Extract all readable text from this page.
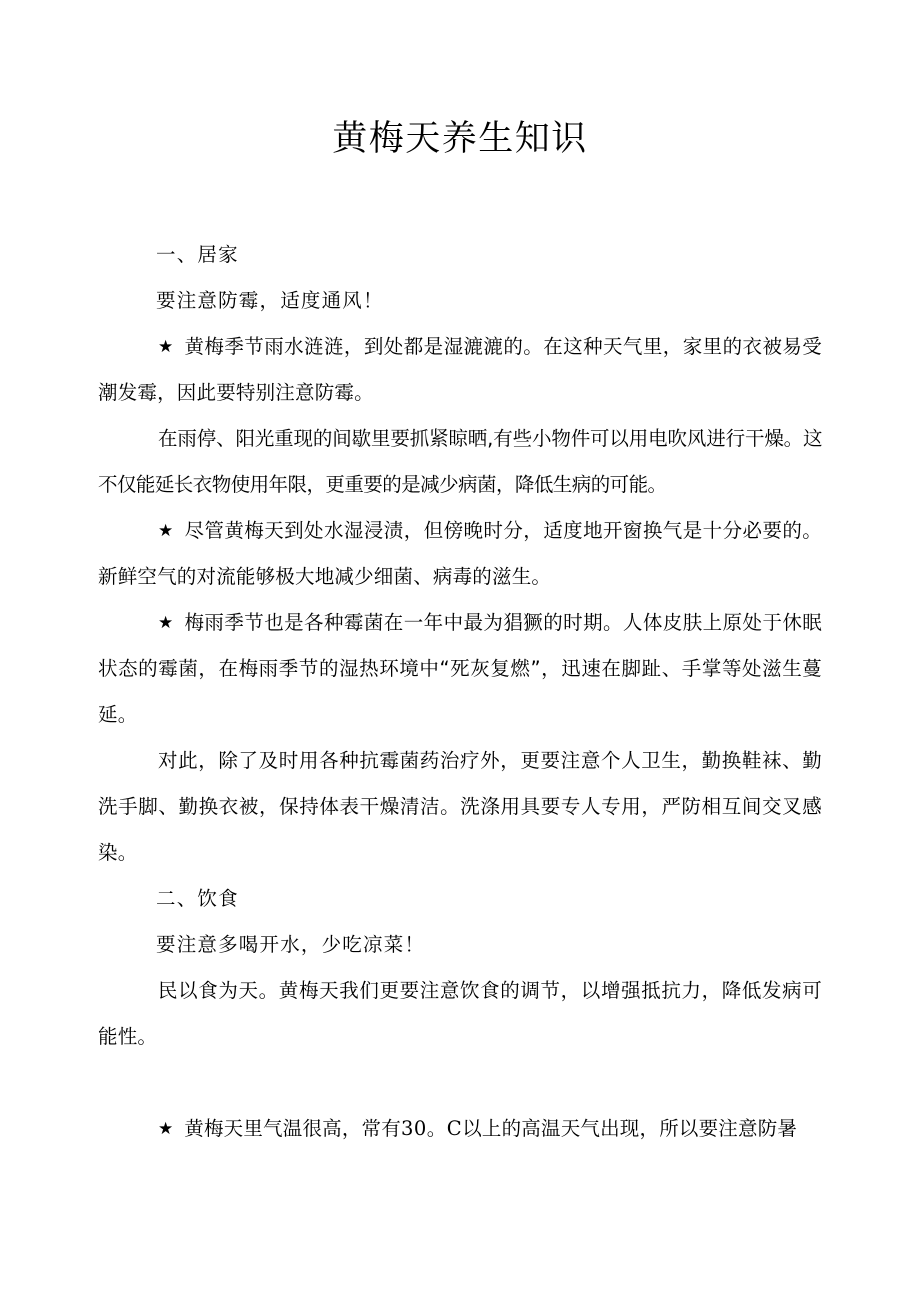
黄梅天养生知识

一、居家

要注意防霉，适度通风！

★ 黄梅季节雨水涟涟，到处都是湿漉漉的。在这种天气里，家里的衣被易受潮发霉，因此要特别注意防霉。

在雨停、阳光重现的间歇里要抓紧晾晒,有些小物件可以用电吹风进行干燥。这不仅能延长衣物使用年限，更重要的是减少病菌，降低生病的可能。

★ 尽管黄梅天到处水湿浸渍，但傍晚时分，适度地开窗换气是十分必要的。新鲜空气的对流能够极大地减少细菌、病毒的滋生。

★ 梅雨季节也是各种霉菌在一年中最为猖獗的时期。人体皮肤上原处于休眠状态的霉菌，在梅雨季节的湿热环境中“死灰复燃”，迅速在脚趾、手掌等处滋生蔓延。

对此，除了及时用各种抗霉菌药治疗外，更要注意个人卫生，勤换鞋袜、勤洗手脚、勤换衣被，保持体表干燥清洁。洗涤用具要专人专用，严防相互间交叉感染。

二、饮食

要注意多喝开水，少吃凉菜！

民以食为天。黄梅天我们更要注意饮食的调节，以增强抵抗力，降低发病可能性。

★ 黄梅天里气温很高，常有30。C以上的高温天气出现，所以要注意防暑
